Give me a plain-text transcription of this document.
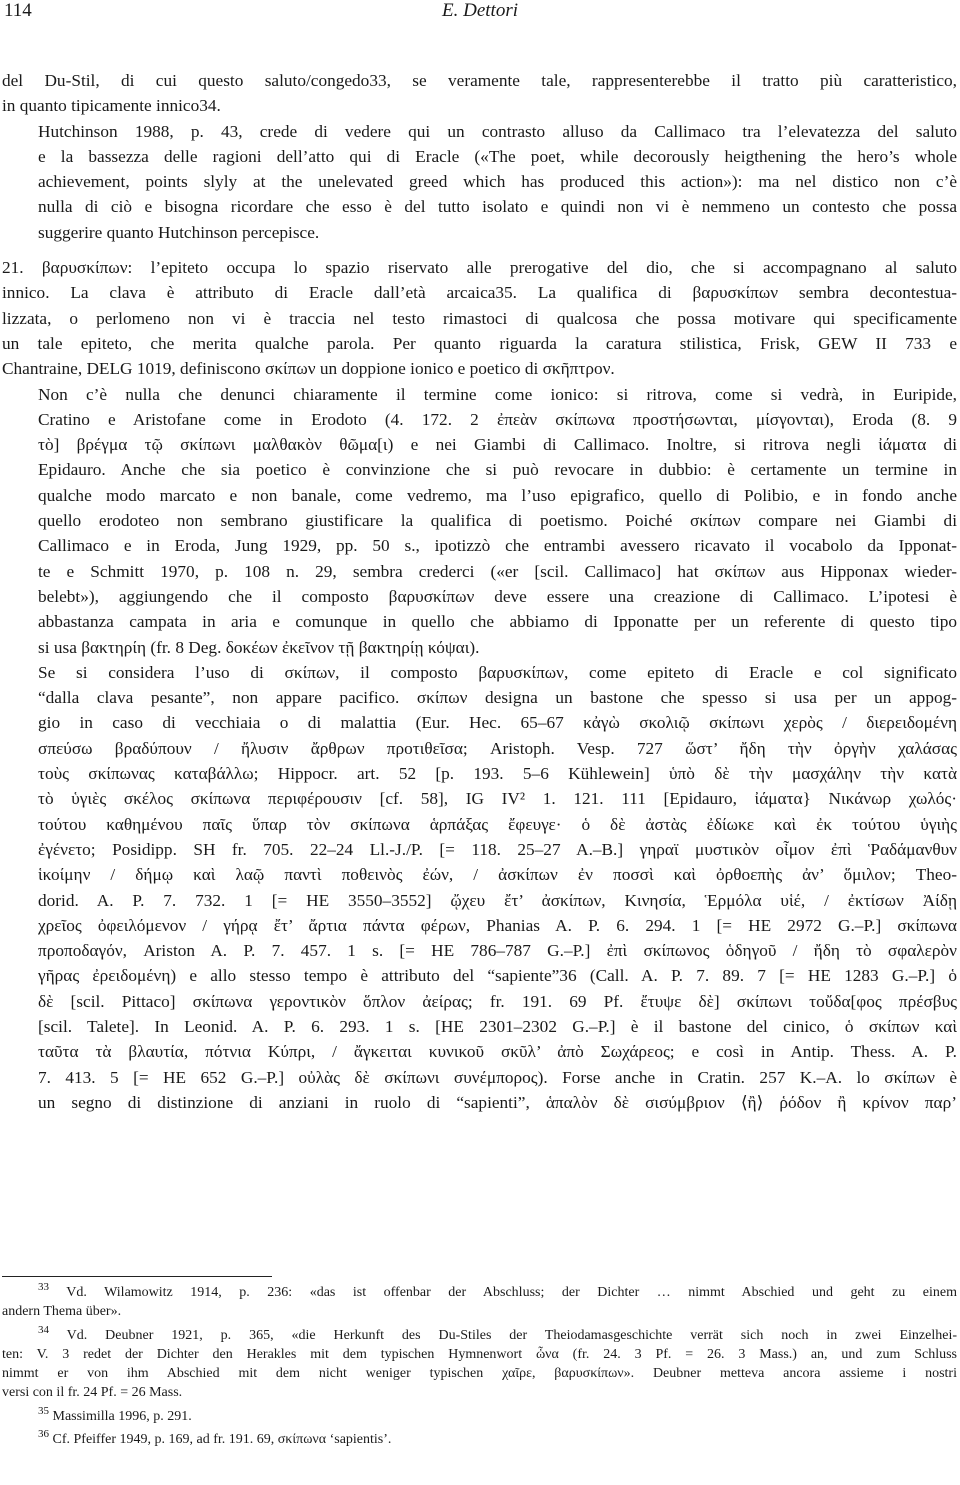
114	E. Dettori

del Du-Stil, di cui questo saluto/congedo33, se veramente tale, rappresenterebbe il tratto più caratteristico,
in quanto tipicamente innico34.

Hutchinson 1988, p. 43, crede di vedere qui un contrasto alluso da Callimaco tra l’elevatezza del saluto
e la bassezza delle ragioni dell’atto qui di Eracle («The poet, while decorously heigthening the hero’s whole
achievement, points slyly at the unelevated greed which has produced this action»): ma nel distico non c’è
nulla di ciò e bisogna ricordare che esso è del tutto isolato e quindi non vi è nemmeno un contesto che possa
suggerire quanto Hutchinson percepisce.

21. βαρυσκίπων: l’epiteto occupa lo spazio riservato alle prerogative del dio, che si accompagnano al saluto
innico. La clava è attributo di Eracle dall’età arcaica35. La qualifica di βαρυσκίπων sembra decontestua-
lizzata, o perlomeno non vi è traccia nel testo rimastoci di qualcosa che possa motivare qui specificamente
un tale epiteto, che merita qualche parola. Per quanto riguarda la caratura stilistica, Frisk, GEW II 733 e
Chantraine, DELG 1019, definiscono σκίπων un doppione ionico e poetico di σκῆπτρον.

Non c’è nulla che denunci chiaramente il termine come ionico: si ritrova, come si vedrà, in Euripide,
Cratino e Aristofane come in Erodoto (4. 172. 2 ἐπεὰν σκίπωνα προστήσωνται, μίσγονται), Eroda (8. 9
τὸ] βρέγμα τῷ σκίπωνι μαλθακὸν θῶμα[ι) e nei Giambi di Callimaco. Inoltre, si ritrova negli ἰάματα di
Epidauro. Anche che sia poetico è convinzione che si può revocare in dubbio: è certamente un termine in
qualche modo marcato e non banale, come vedremo, ma l’uso epigrafico, quello di Polibio, e in fondo anche
quello erodoteo non sembrano giustificare la qualifica di poetismo. Poiché σκίπων compare nei Giambi di
Callimaco e in Eroda, Jung 1929, pp. 50 s., ipotizzò che entrambi avessero ricavato il vocabolo da Ipponat-
te e Schmitt 1970, p. 108 n. 29, sembra crederci («er [scil. Callimaco] hat σκίπων aus Hipponax wieder-
belebt»), aggiungendo che il composto βαρυσκίπων deve essere una creazione di Callimaco. L’ipotesi è
abbastanza campata in aria e comunque in quello che abbiamo di Ipponatte per un referente di questo tipo
si usa βακτηρίη (fr. 8 Deg. δοκέων ἐκεῖνον τῇ βακτηρίῃ κόψαι).

Se si considera l’uso di σκίπων, il composto βαρυσκίπων, come epiteto di Eracle e col significato
“dalla clava pesante”, non appare pacifico. σκίπων designa un bastone che spesso si usa per un appog-
gio in caso di vecchiaia o di malattia (Eur. Hec. 65–67 κἀγὼ σκολιῷ σκίπωνι χερὸς / διερειδομένη
σπεύσω βραδύπουν / ἤλυσιν ἄρθρων προτιθεῖσα; Aristoph. Vesp. 727 ὥστ’ ἤδη τὴν ὀργὴν χαλάσας
τοὺς σκίπωνας καταβάλλω; Hippocr. art. 52 [p. 193. 5–6 Kühlewein] ὑπὸ δὲ τὴν μασχάλην τὴν κατὰ
τὸ ὑγιὲς σκέλος σκίπωνα περιφέρουσιν [cf. 58], IG IV² 1. 121. 111 [Epidauro, ἰάματα} Νικάνωρ χωλός·
τούτου καθημένου παῖς ὕπαρ τὸν σκίπωνα ἁρπάξας ἔφευγε· ὁ δὲ ἀστὰς ἐδίωκε καὶ ἐκ τούτου ὑγιὴς
ἐγένετο; Posidipp. SH fr. 705. 22–24 Ll.-J./P. [= 118. 25–27 A.–B.] γηραϊ μυστικὸν οἶμον ἐπὶ Ῥαδάμανθυν
ἱκοίμην / δήμῳ καὶ λαῷ παντὶ ποθεινὸς ἐών, / ἀσκίπων ἐν ποσσὶ καὶ ὀρθοεπὴς ἀν’ ὅμιλον; Theo-
dorid. A. P. 7. 732. 1 [= HE 3550–3552] ᾤχευ ἔτ’ ἀσκίπων, Κινησία, Ἑρμόλα υἱέ, / ἐκτίσων Ἀίδῃ
χρεῖος ὀφειλόμενον / γήρᾳ ἔτ’ ἄρτια πάντα φέρων, Phanias A. P. 6. 294. 1 [= HE 2972 G.–P.] σκίπωνα
προποδαγόν, Ariston A. P. 7. 457. 1 s. [= HE 786–787 G.–P.] ἐπὶ σκίπωνος ὁδηγοῦ / ἤδη τὸ σφαλερὸν
γῆρας ἐρειδομένη) e allo stesso tempo è attributo del “sapiente”36 (Call. A. P. 7. 89. 7 [= HE 1283 G.–P.] ὁ
δὲ [scil. Pittaco] σκίπωνα γεροντικὸν ὅπλον ἀείρας; fr. 191. 69 Pf. ἔτυψε δὲ] σκίπωνι τοὔδα[φος πρέσβυς
[scil. Talete]. In Leonid. A. P. 6. 293. 1 s. [HE 2301–2302 G.–P.] è il bastone del cinico, ὁ σκίπων καὶ
ταῦτα τὰ βλαυτία, πότνια Κύπρι, / ἄγκειται κυνικοῦ σκῦλ’ ἀπὸ Σωχάρεος; e così in Antip. Thess. A. P.
7. 413. 5 [= HE 652 G.–P.] οὐλὰς δὲ σκίπωνι συνέμπορος). Forse anche in Cratin. 257 K.–A. lo σκίπων è
un segno di distinzione di anziani in ruolo di “sapienti”, ἁπαλὸν δὲ σισύμβριον ⟨ἢ⟩ ῥόδον ἢ κρίνον παρ’

$^{33}$ Vd. Wilamowitz 1914, p. 236: «das ist offenbar der Abschluss; der Dichter … nimmt Abschied und geht zu einem
andern Thema über».

$^{34}$ Vd. Deubner 1921, p. 365, «die Herkunft des Du-Stiles der Theiodamasgeschichte verrät sich noch in zwei Einzelhei-
ten: V. 3 redet der Dichter den Herakles mit dem typischen Hymnenwort ὦνα (fr. 24. 3 Pf. = 26. 3 Mass.) an, und zum Schluss
nimmt er von ihm Abschied mit dem nicht weniger typischen χαῖρε, βαρυσκίπων». Deubner metteva ancora assieme i nostri
versi con il fr. 24 Pf. = 26 Mass.

$^{35}$ Massimilla 1996, p. 291.

$^{36}$ Cf. Pfeiffer 1949, p. 169, ad fr. 191. 69, σκίπωνα ‘sapientis’.
